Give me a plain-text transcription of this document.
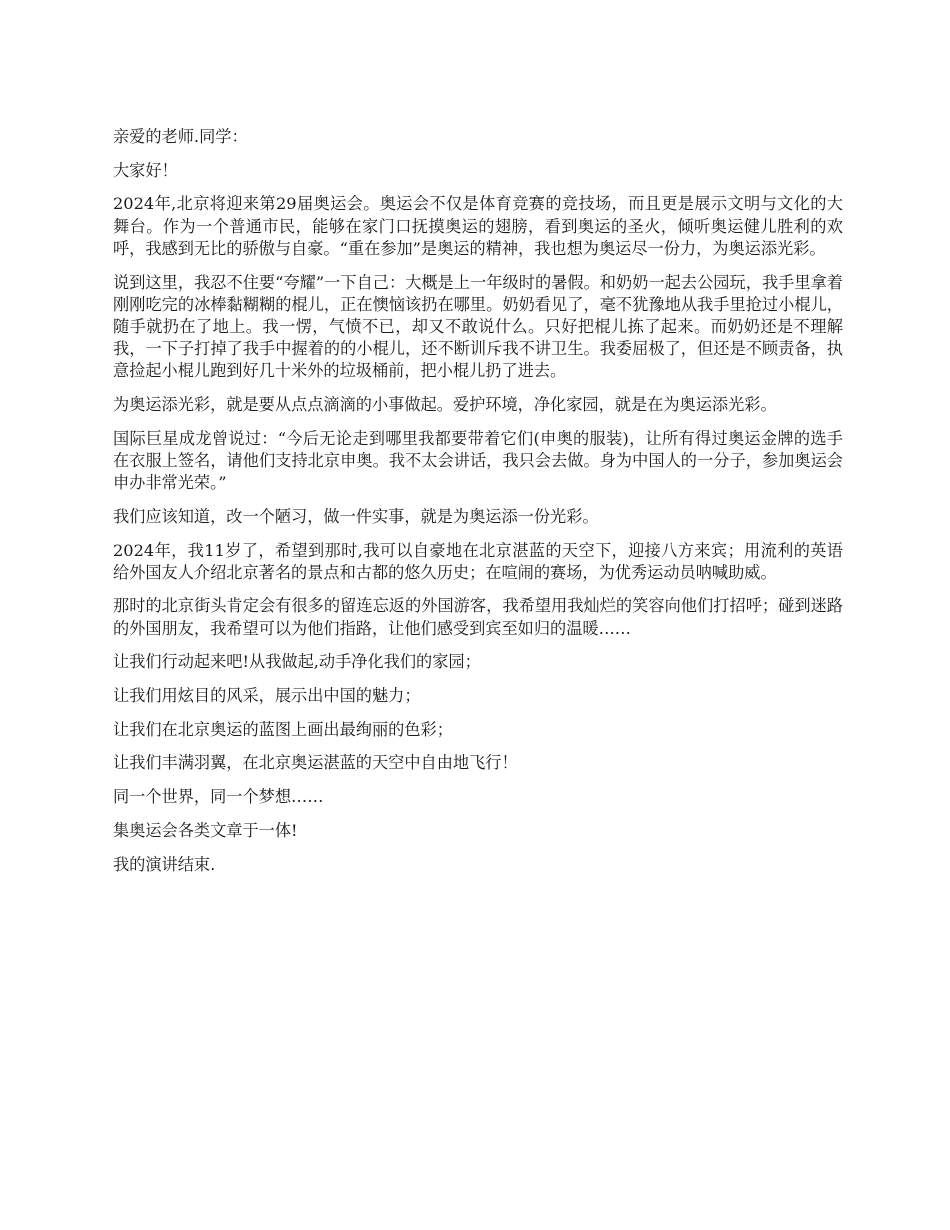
亲爱的老师.同学：

大家好！

2024年,北京将迎来第29届奥运会。奥运会不仅是体育竞赛的竞技场，而且更是展示文明与文化的大舞台。作为一个普通市民，能够在家门口抚摸奥运的翅膀，看到奥运的圣火，倾听奥运健儿胜利的欢呼，我感到无比的骄傲与自豪。“重在参加”是奥运的精神，我也想为奥运尽一份力，为奥运添光彩。

说到这里，我忍不住要“夸耀”一下自己：大概是上一年级时的暑假。和奶奶一起去公园玩，我手里拿着刚刚吃完的冰棒黏糊糊的棍儿，正在懊恼该扔在哪里。奶奶看见了，毫不犹豫地从我手里抢过小棍儿，随手就扔在了地上。我一愣，气愤不已，却又不敢说什么。只好把棍儿拣了起来。而奶奶还是不理解我，一下子打掉了我手中握着的的小棍儿，还不断训斥我不讲卫生。我委屈极了，但还是不顾责备，执意捡起小棍儿跑到好几十米外的垃圾桶前，把小棍儿扔了进去。

为奥运添光彩，就是要从点点滴滴的小事做起。爱护环境，净化家园，就是在为奥运添光彩。

国际巨星成龙曾说过：“今后无论走到哪里我都要带着它们(申奥的服装)，让所有得过奥运金牌的选手在衣服上签名，请他们支持北京申奥。我不太会讲话，我只会去做。身为中国人的一分子，参加奥运会申办非常光荣。”

我们应该知道，改一个陋习，做一件实事，就是为奥运添一份光彩。

2024年，我11岁了，希望到那时,我可以自豪地在北京湛蓝的天空下，迎接八方来宾；用流利的英语给外国友人介绍北京著名的景点和古都的悠久历史；在喧闹的赛场，为优秀运动员呐喊助威。

那时的北京街头肯定会有很多的留连忘返的外国游客，我希望用我灿烂的笑容向他们打招呼；碰到迷路的外国朋友，我希望可以为他们指路，让他们感受到宾至如归的温暖……

让我们行动起来吧!从我做起,动手净化我们的家园；

让我们用炫目的风采，展示出中国的魅力；

让我们在北京奥运的蓝图上画出最绚丽的色彩；

让我们丰满羽翼，在北京奥运湛蓝的天空中自由地飞行！

同一个世界，同一个梦想……

集奥运会各类文章于一体!

我的演讲结束.
